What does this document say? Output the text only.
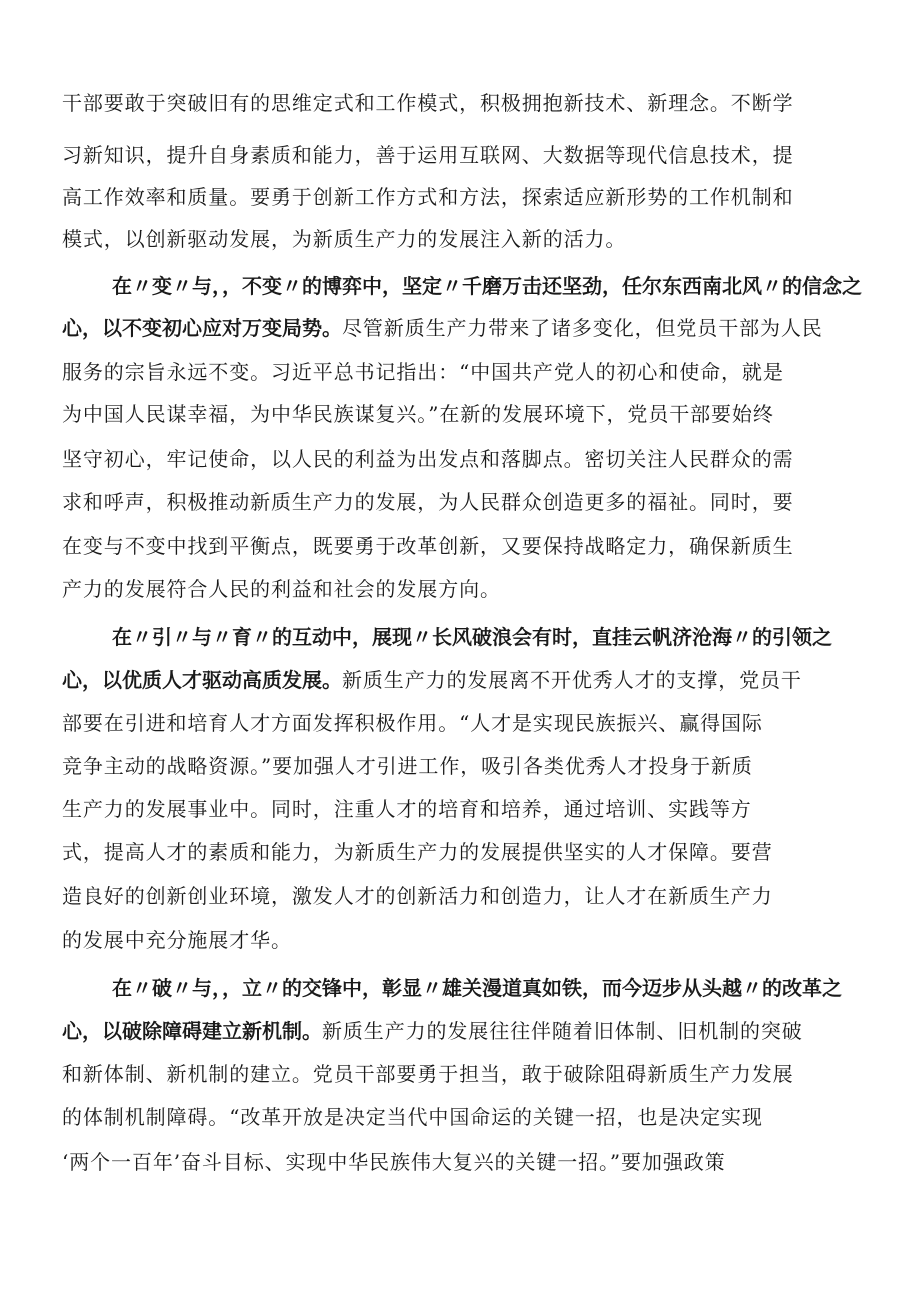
干部要敢于突破旧有的思维定式和工作模式，积极拥抱新技术、新理念。不断学
习新知识，提升自身素质和能力，善于运用互联网、大数据等现代信息技术，提
高工作效率和质量。要勇于创新工作方式和方法，探索适应新形势的工作机制和
模式，以创新驱动发展，为新质生产力的发展注入新的活力。
在〃变〃与，，不变〃的博弈中，坚定〃千磨万击还坚劲，任尔东西南北风〃的信念之
心，以不变初心应对万变局势。尽管新质生产力带来了诸多变化，但党员干部为人民
服务的宗旨永远不变。习近平总书记指出：“中国共产党人的初心和使命，就是
为中国人民谋幸福，为中华民族谋复兴。”在新的发展环境下，党员干部要始终
坚守初心，牢记使命，以人民的利益为出发点和落脚点。密切关注人民群众的需
求和呼声，积极推动新质生产力的发展，为人民群众创造更多的福祉。同时，要
在变与不变中找到平衡点，既要勇于改革创新，又要保持战略定力，确保新质生
产力的发展符合人民的利益和社会的发展方向。
在〃引〃与〃育〃的互动中，展现〃长风破浪会有时，直挂云帆济沧海〃的引领之
心，以优质人才驱动高质发展。新质生产力的发展离不开优秀人才的支撑，党员干
部要在引进和培育人才方面发挥积极作用。“人才是实现民族振兴、赢得国际
竞争主动的战略资源。”要加强人才引进工作，吸引各类优秀人才投身于新质
生产力的发展事业中。同时，注重人才的培育和培养，通过培训、实践等方
式，提高人才的素质和能力，为新质生产力的发展提供坚实的人才保障。要营
造良好的创新创业环境，激发人才的创新活力和创造力，让人才在新质生产力
的发展中充分施展才华。
在〃破〃与，，立〃的交锋中，彰显〃雄关漫道真如铁，而今迈步从头越〃的改革之
心，以破除障碍建立新机制。新质生产力的发展往往伴随着旧体制、旧机制的突破
和新体制、新机制的建立。党员干部要勇于担当，敢于破除阻碍新质生产力发展
的体制机制障碍。“改革开放是决定当代中国命运的关键一招，也是决定实现
‘两个一百年’奋斗目标、实现中华民族伟大复兴的关键一招。”要加强政策
